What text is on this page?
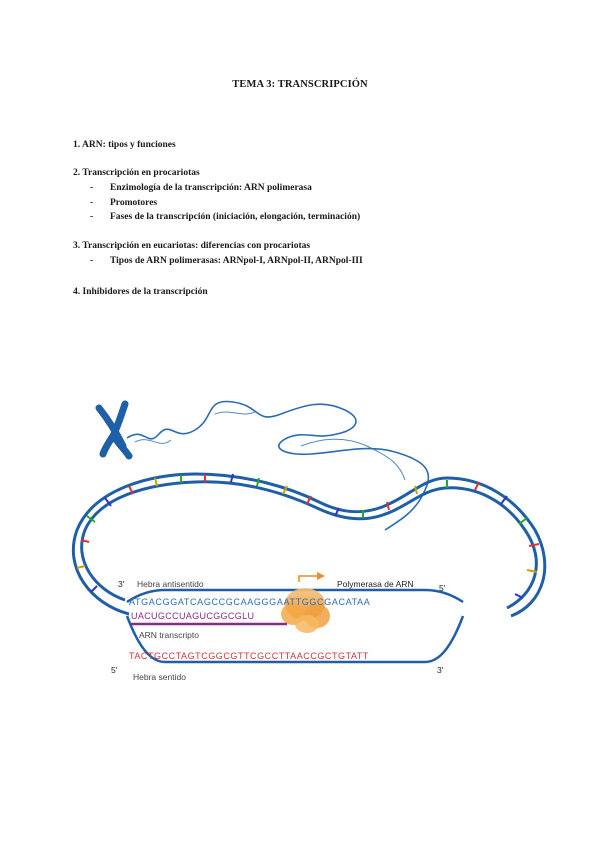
TEMA 3: TRANSCRIPCIÓN
1. ARN: tipos y funciones
2. Transcripción en procariotas
- Enzimología de la transcripción: ARN polimerasa
- Promotores
- Fases de la transcripción (iniciación, elongación, terminación)
3. Transcripción en eucariotas: diferencias con procariotas
- Tipos de ARN polimerasas: ARNpol-I, ARNpol-II, ARNpol-III
4. Inhibidores de la transcripción
3' Hebra antisentido	Polymerasa de ARN	5'
ATGACGGATCAGCCGCAAGGGAATTGGCGACATAA
UACUGCCUAGUCGGCGLU
ARN transcripto
TACTGCCTAGTCGGCGTTCGCCTTAACCGCTGTATT
5'	3'
Hebra sentido
